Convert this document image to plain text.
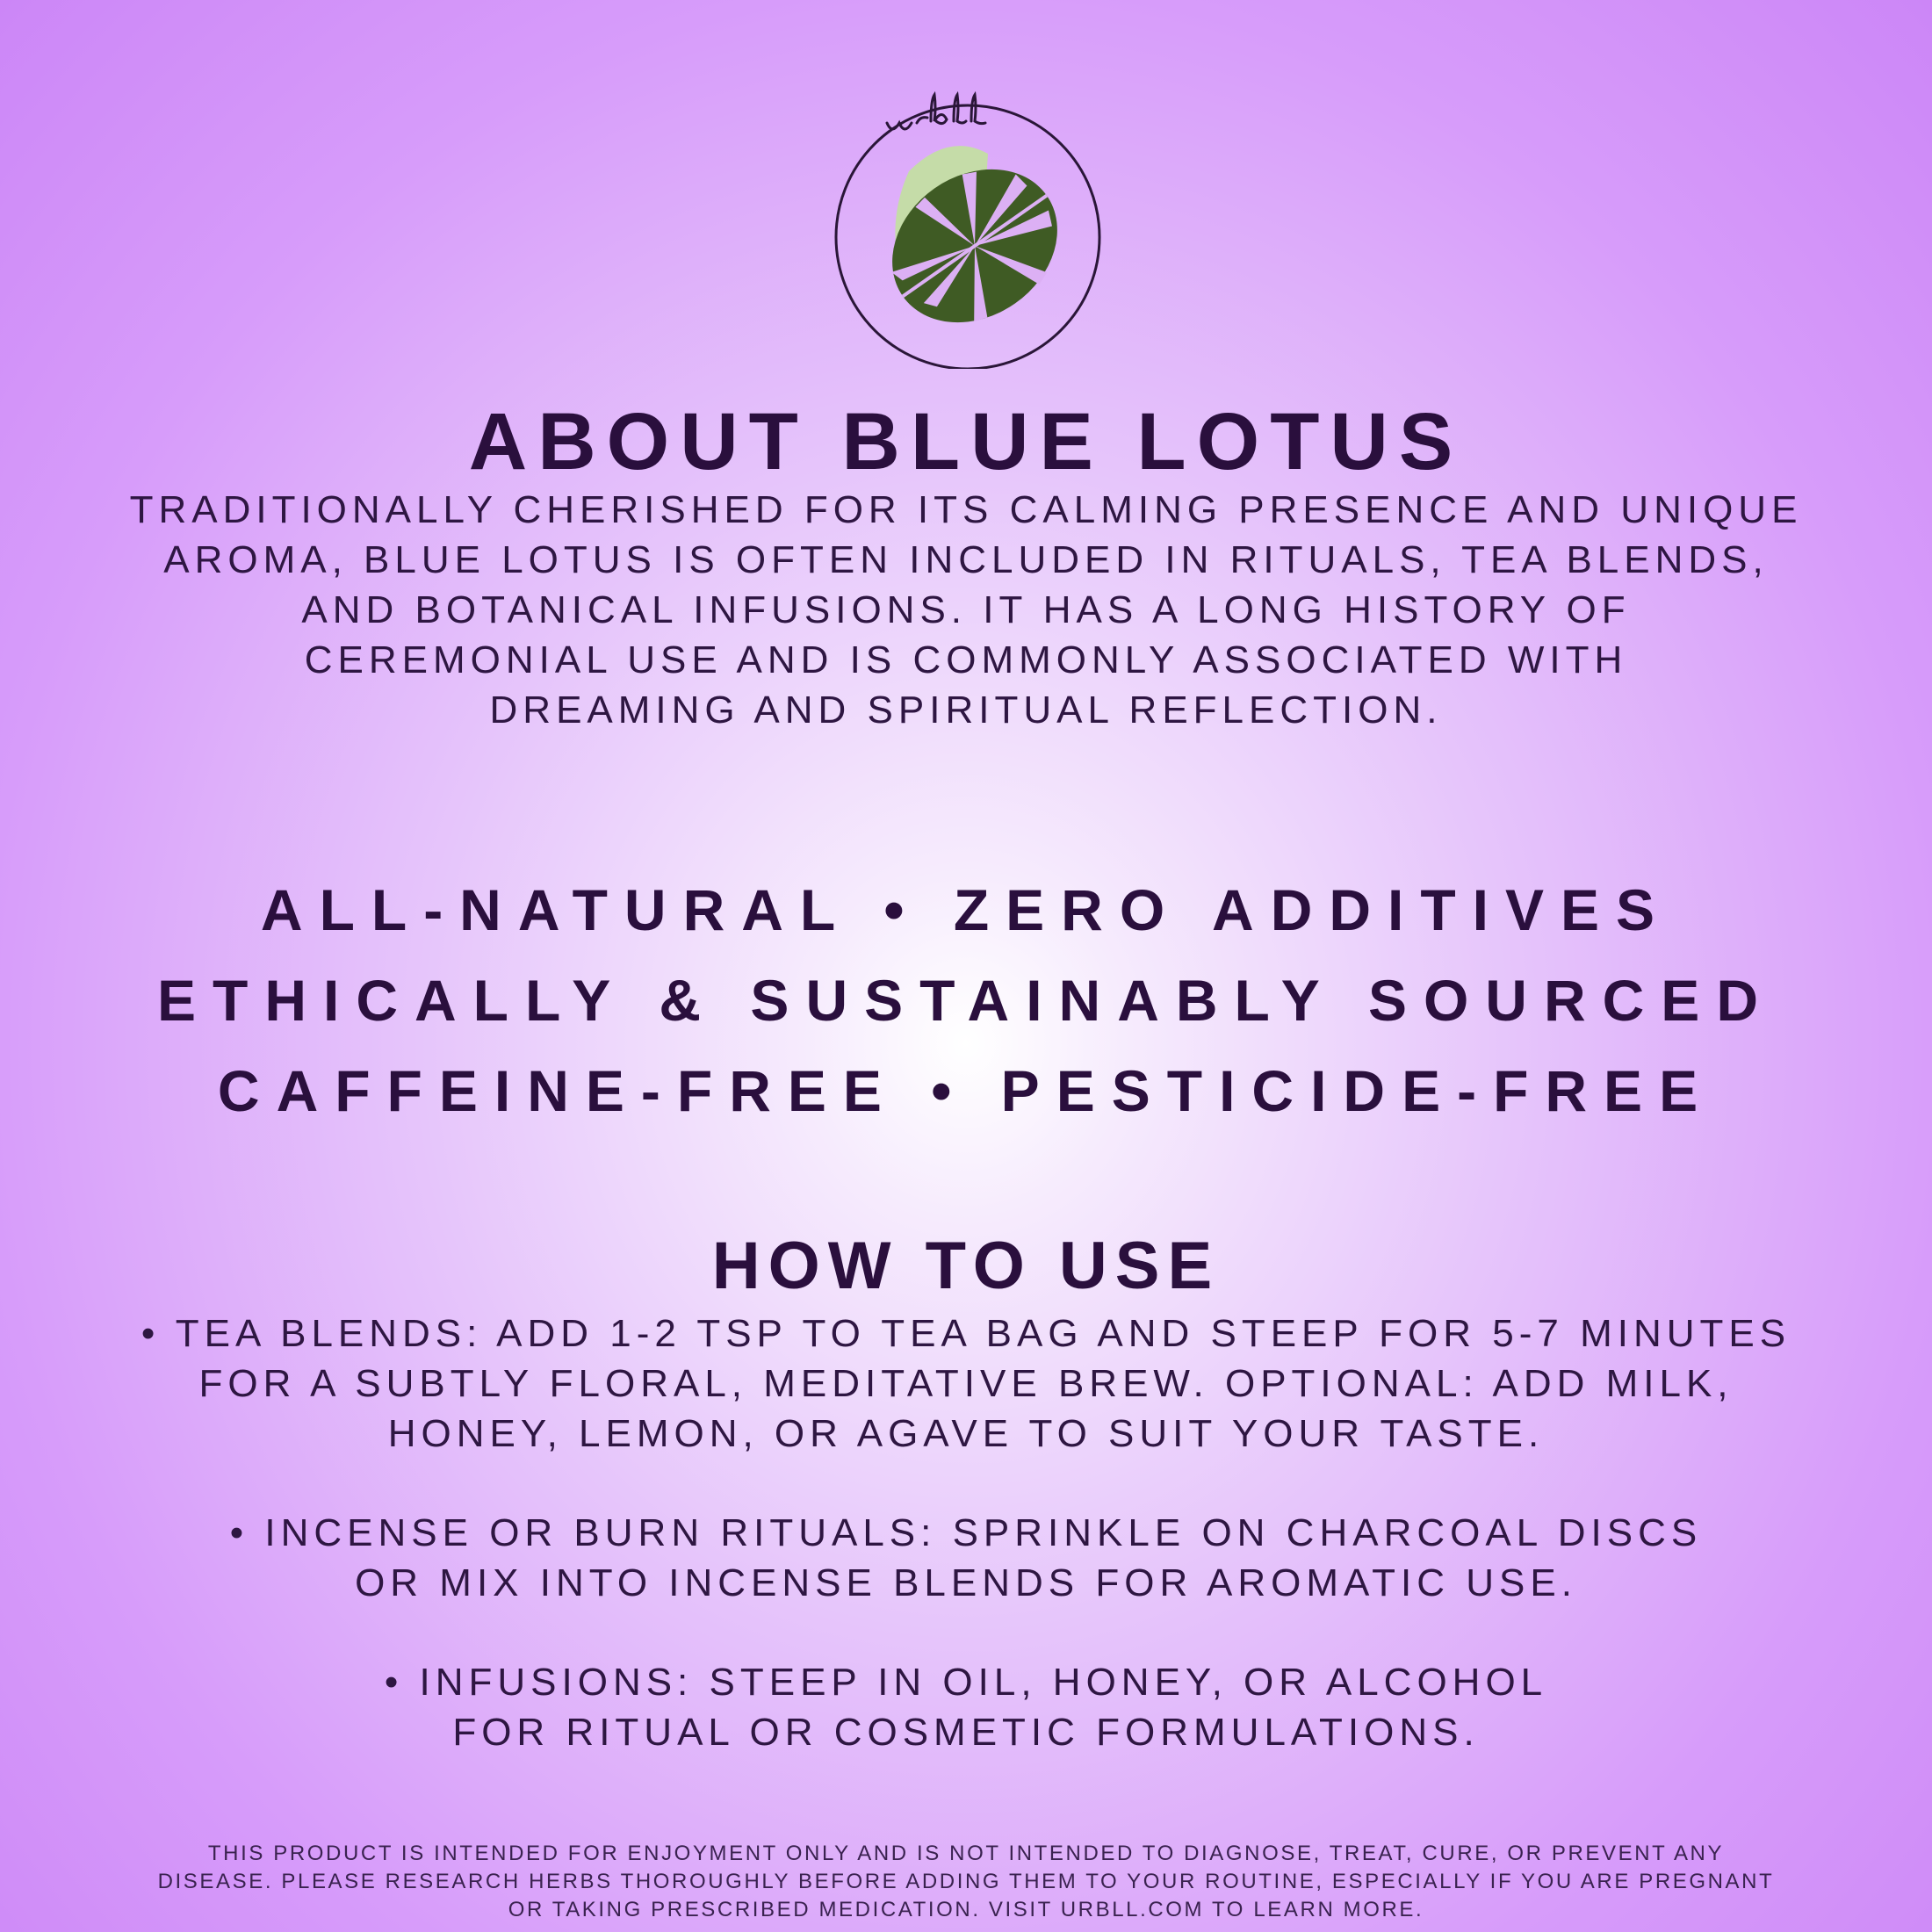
ABOUT BLUE LOTUS
TRADITIONALLY CHERISHED FOR ITS CALMING PRESENCE AND UNIQUE
AROMA, BLUE LOTUS IS OFTEN INCLUDED IN RITUALS, TEA BLENDS,
AND BOTANICAL INFUSIONS. IT HAS A LONG HISTORY OF
CEREMONIAL USE AND IS COMMONLY ASSOCIATED WITH
DREAMING AND SPIRITUAL REFLECTION.
ALL-NATURAL • ZERO ADDITIVES
ETHICALLY & SUSTAINABLY SOURCED
CAFFEINE-FREE • PESTICIDE-FREE
HOW TO USE
• TEA BLENDS: ADD 1-2 TSP TO TEA BAG AND STEEP FOR 5-7 MINUTES
FOR A SUBTLY FLORAL, MEDITATIVE BREW. OPTIONAL: ADD MILK,
HONEY, LEMON, OR AGAVE TO SUIT YOUR TASTE.
• INCENSE OR BURN RITUALS: SPRINKLE ON CHARCOAL DISCS
OR MIX INTO INCENSE BLENDS FOR AROMATIC USE.
• INFUSIONS: STEEP IN OIL, HONEY, OR ALCOHOL
FOR RITUAL OR COSMETIC FORMULATIONS.
THIS PRODUCT IS INTENDED FOR ENJOYMENT ONLY AND IS NOT INTENDED TO DIAGNOSE, TREAT, CURE, OR PREVENT ANY
DISEASE. PLEASE RESEARCH HERBS THOROUGHLY BEFORE ADDING THEM TO YOUR ROUTINE, ESPECIALLY IF YOU ARE PREGNANT
OR TAKING PRESCRIBED MEDICATION. VISIT URBLL.COM TO LEARN MORE.
